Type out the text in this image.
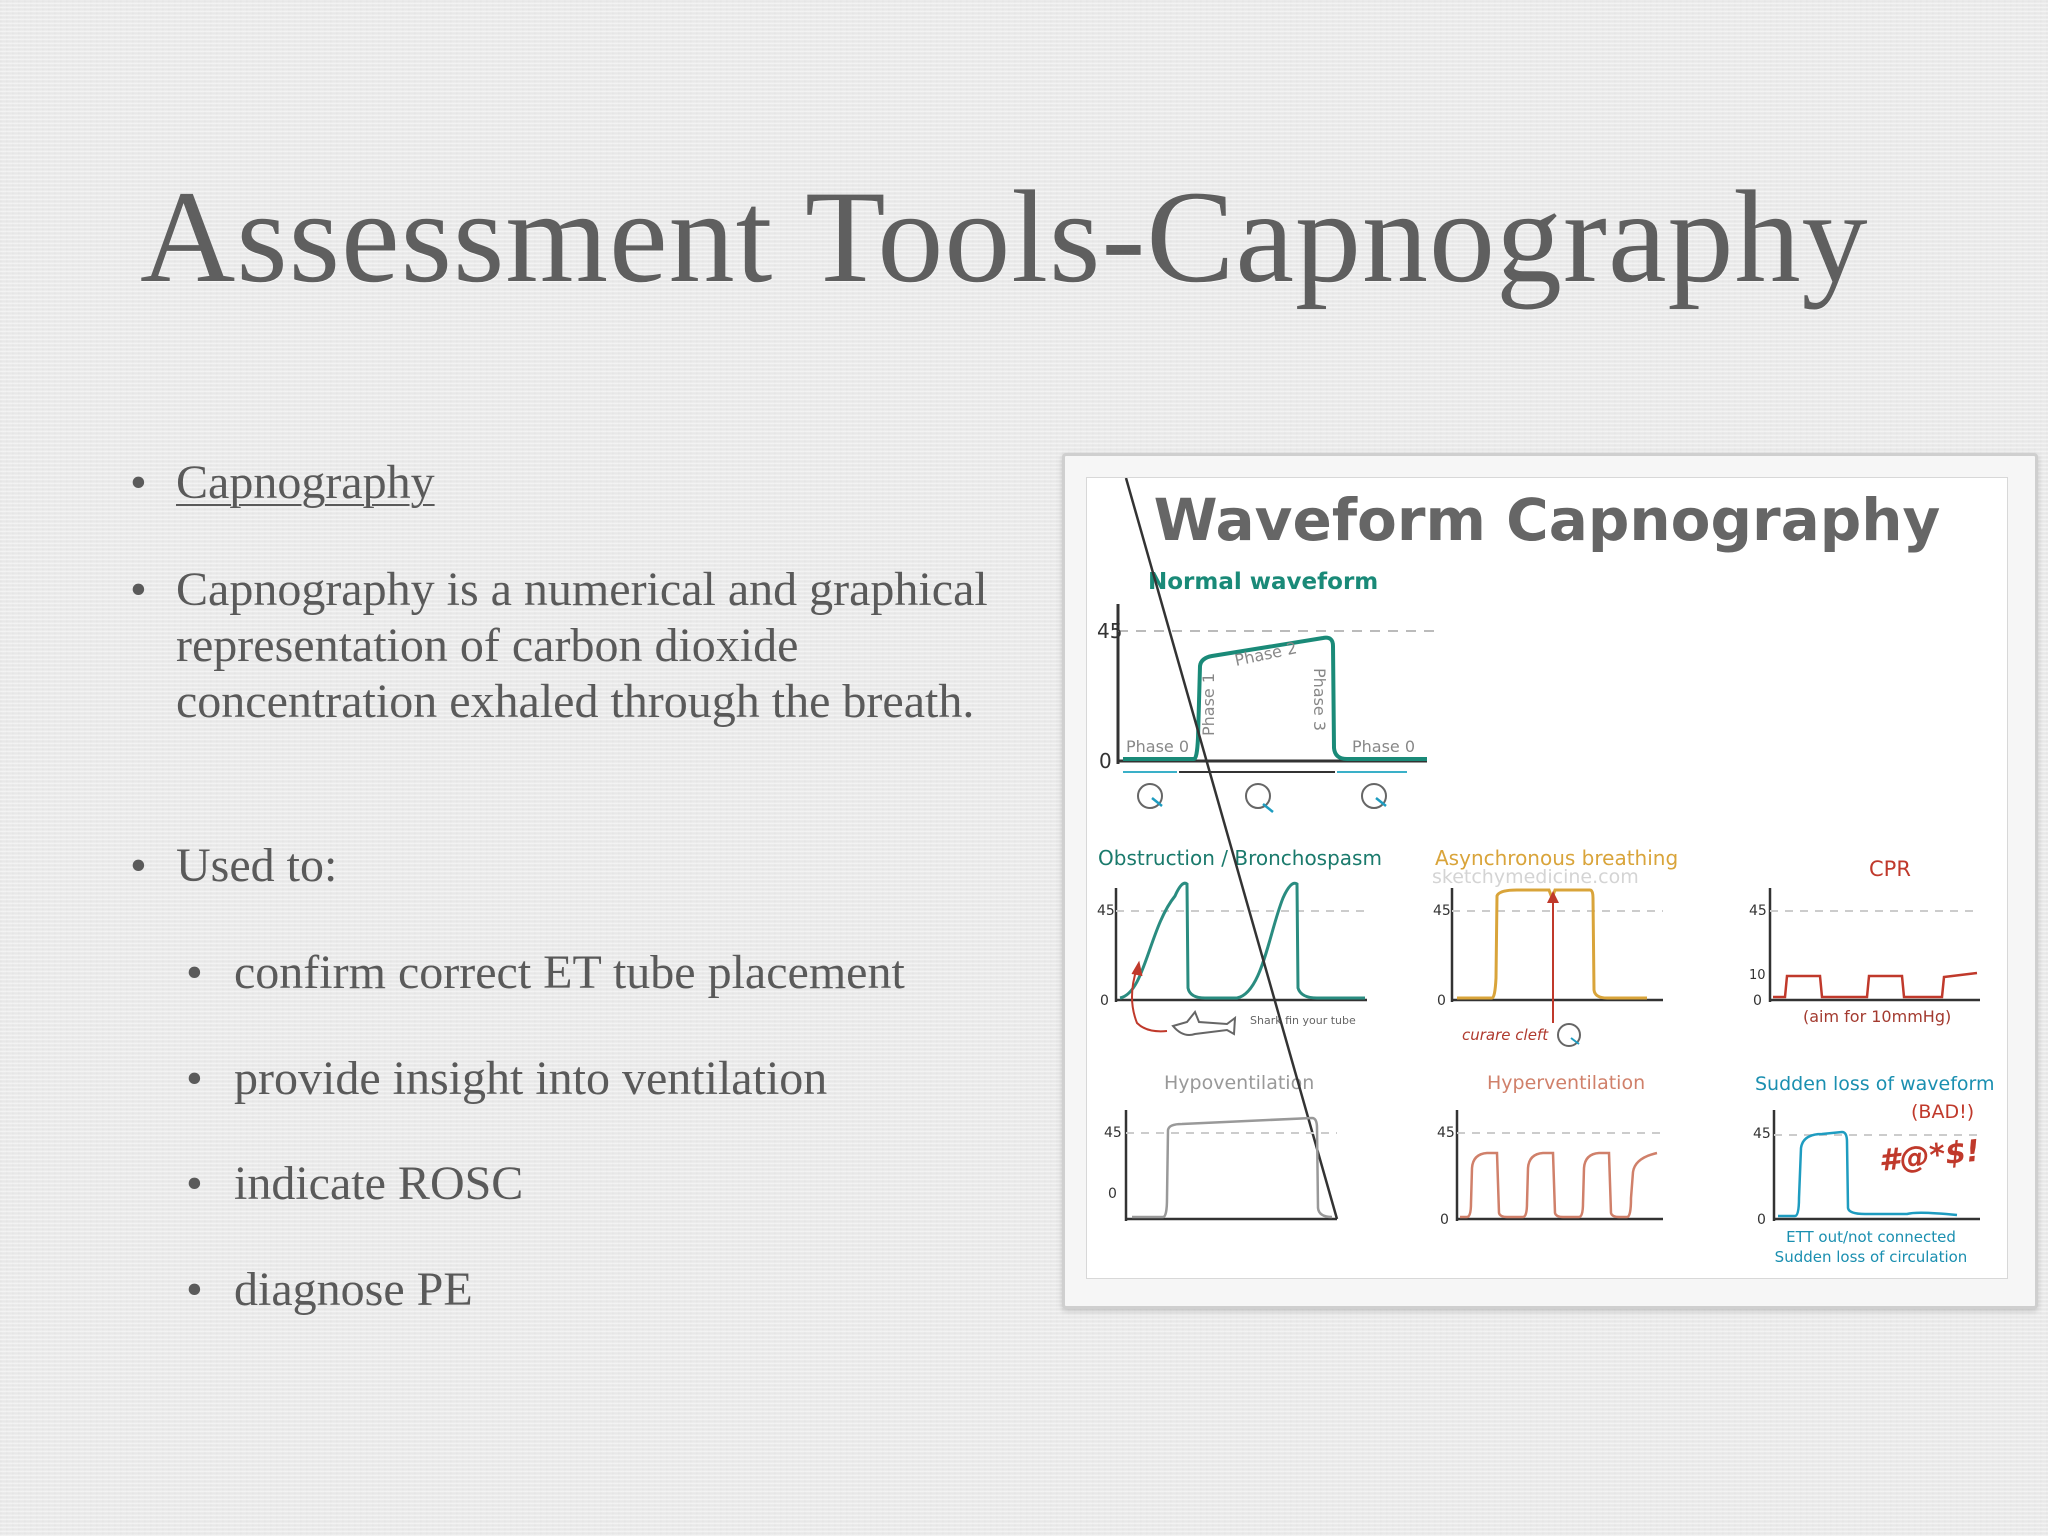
Assessment Tools-Capnography
• Capnography
• Capnography is a numerical and graphical representation of carbon dioxide concentration exhaled through the breath.
• Used to:
• confirm correct ET tube placement
• provide insight into ventilation
• indicate ROSC
• diagnose PE
Waveform Capnography
Normal waveform
45
0
Phase 0	Phase 0
Phase 1
Phase 2
Phase 3
Obstruction / Bronchospasm
45
0
Shark fin your tube
Asynchronous breathing
sketchymedicine.com
45
0
curare cleft
CPR
45
10
0
(aim for 10mmHg)
Hypoventilation
45
0
Hyperventilation
45
0
Sudden loss of waveform
(BAD!)
#@*$!
45
0
ETT out/not connected
Sudden loss of circulation
